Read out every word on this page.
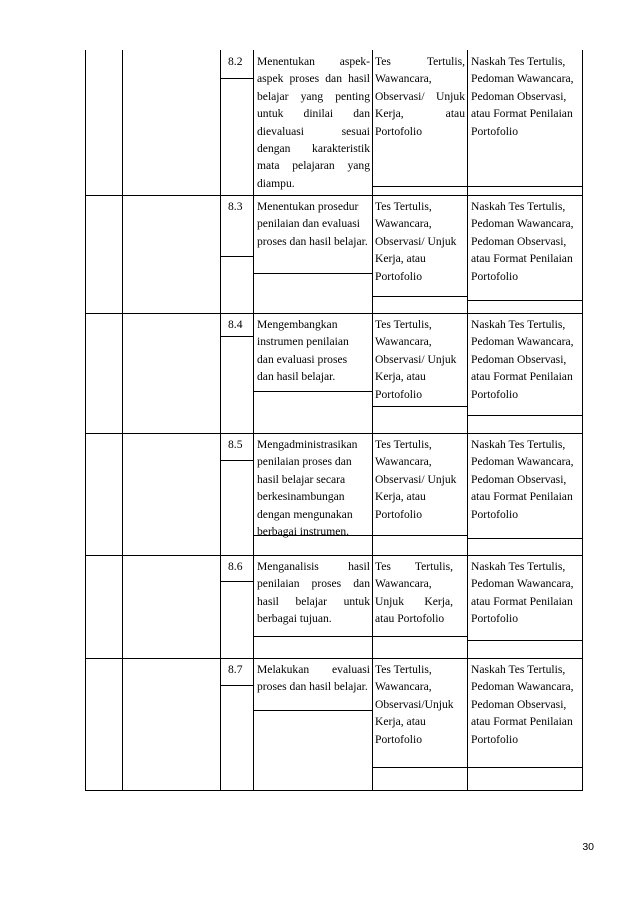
8.2 Menentukan aspek-aspek proses dan hasil belajar yang penting untuk dinilai dan dievaluasi sesuai dengan karakteristik mata pelajaran yang diampu.
Tes Tertulis, Wawancara, Observasi/ Unjuk Kerja, atau Portofolio
Naskah Tes Tertulis, Pedoman Wawancara, Pedoman Observasi, atau Format Penilaian Portofolio
8.3 Menentukan prosedur penilaian dan evaluasi proses dan hasil belajar.
Tes Tertulis, Wawancara, Observasi/ Unjuk Kerja, atau Portofolio
Naskah Tes Tertulis, Pedoman Wawancara, Pedoman Observasi, atau Format Penilaian Portofolio
8.4 Mengembangkan instrumen penilaian dan evaluasi proses dan hasil belajar.
Tes Tertulis, Wawancara, Observasi/ Unjuk Kerja, atau Portofolio
Naskah Tes Tertulis, Pedoman Wawancara, Pedoman Observasi, atau Format Penilaian Portofolio
8.5 Mengadministrasikan penilaian proses dan hasil belajar secara berkesinambungan dengan mengunakan berbagai instrumen.
Tes Tertulis, Wawancara, Observasi/ Unjuk Kerja, atau Portofolio
Naskah Tes Tertulis, Pedoman Wawancara, Pedoman Observasi, atau Format Penilaian Portofolio
8.6 Menganalisis hasil penilaian proses dan hasil belajar untuk berbagai tujuan.
Tes Tertulis, Wawancara, Unjuk Kerja, atau Portofolio
Naskah Tes Tertulis, Pedoman Wawancara, atau Format Penilaian Portofolio
8.7 Melakukan evaluasi proses dan hasil belajar.
Tes Tertulis, Wawancara, Observasi/Unjuk Kerja, atau Portofolio
Naskah Tes Tertulis, Pedoman Wawancara, Pedoman Observasi, atau Format Penilaian Portofolio
30
